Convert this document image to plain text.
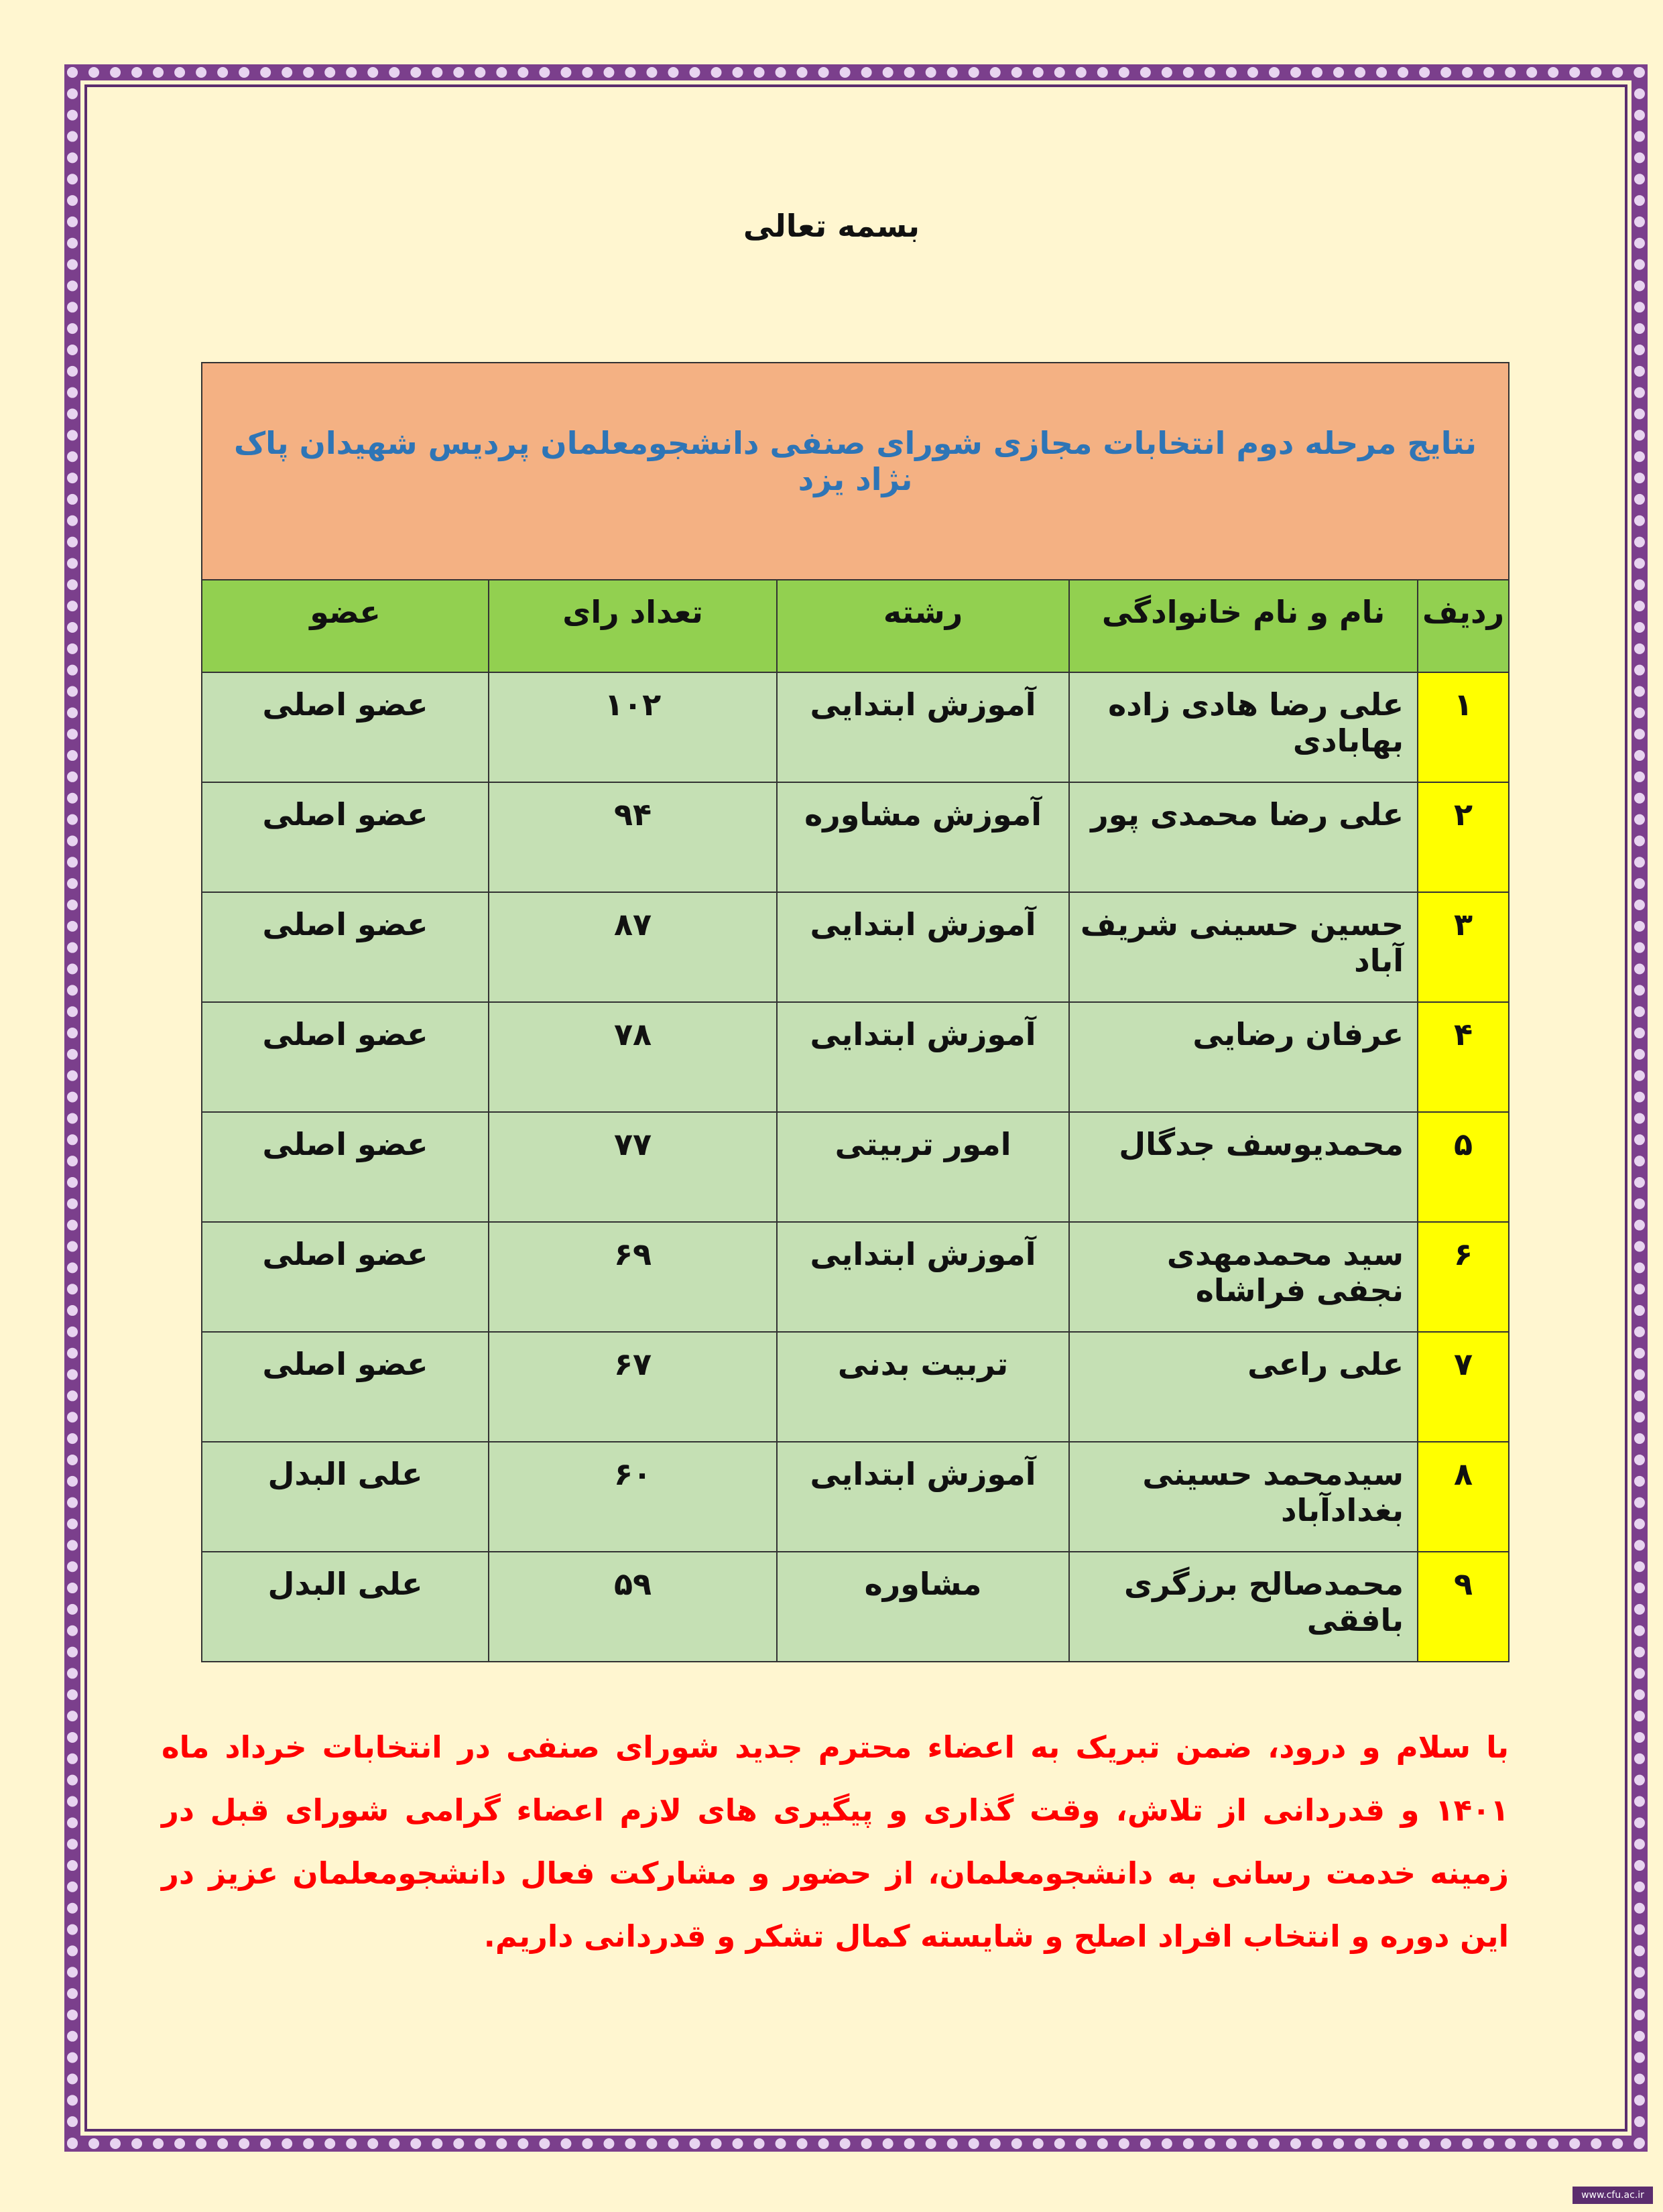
بسمه تعالی
نتایج مرحله دوم انتخابات مجازی شورای صنفی دانشجومعلمان پردیس شهیدان پاک نژاد یزد				
ردیف	نام و نام خانوادگی	رشته	تعداد رای	عضو
۱	علی رضا هادی زاده بهابادی	آموزش ابتدایی	۱۰۲	عضو اصلی
۲	علی رضا محمدی پور	آموزش مشاوره	۹۴	عضو اصلی
۳	حسین حسینی شریف آباد	آموزش ابتدایی	۸۷	عضو اصلی
۴	عرفان رضایی	آموزش ابتدایی	۷۸	عضو اصلی
۵	محمدیوسف جدگال	امور تربیتی	۷۷	عضو اصلی
۶	سید محمدمهدی نجفی فراشاه	آموزش ابتدایی	۶۹	عضو اصلی
۷	علی راعی	تربیت بدنی	۶۷	عضو اصلی
۸	سیدمحمد حسینی بغدادآباد	آموزش ابتدایی	۶۰	علی البدل
۹	محمدصالح برزگری بافقی	مشاوره	۵۹	علی البدل
با سلام و درود، ضمن تبریک به اعضاء محترم جدید شورای صنفی در انتخابات خرداد ماه ۱۴۰۱ و قدردانی از تلاش، وقت گذاری و پیگیری های لازم اعضاء گرامی شورای قبل در زمینه خدمت رسانی به دانشجومعلمان، از حضور و مشارکت فعال دانشجومعلمان عزیز در این دوره و انتخاب افراد اصلح و شایسته کمال تشکر و قدردانی داریم.
www.cfu.ac.ir
